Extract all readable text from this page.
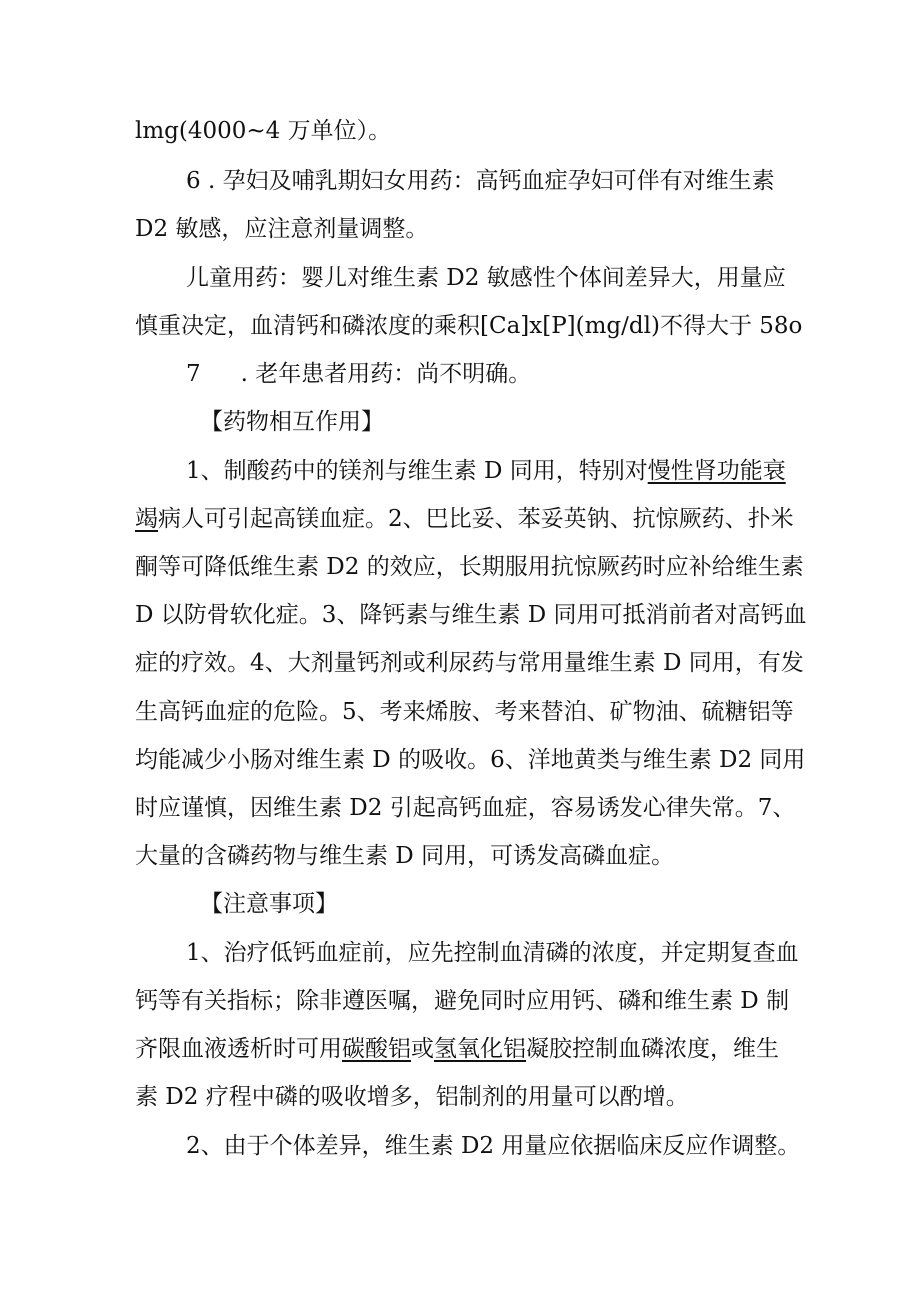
lmg(4000~4 万单位）。
6 . 孕妇及哺乳期妇女用药：高钙血症孕妇可伴有对维生素
D2 敏感，应注意剂量调整。
儿童用药：婴儿对维生素 D2 敏感性个体间差异大，用量应
慎重决定，血清钙和磷浓度的乘积[Ca]x[P](mg∕dl)不得大于 58o
7 . 老年患者用药：尚不明确。
【药物相互作用】
1、制酸药中的镁剂与维生素 D 同用，特别对慢性肾功能衰
竭病人可引起高镁血症。2、巴比妥、苯妥英钠、抗惊厥药、扑米
酮等可降低维生素 D2 的效应，长期服用抗惊厥药时应补给维生素
D 以防骨软化症。3、降钙素与维生素 D 同用可抵消前者对高钙血
症的疗效。4、大剂量钙剂或利尿药与常用量维生素 D 同用，有发
生高钙血症的危险。5、考来烯胺、考来替泊、矿物油、硫糖铝等
均能减少小肠对维生素 D 的吸收。6、洋地黄类与维生素 D2 同用
时应谨慎，因维生素 D2 引起高钙血症，容易诱发心律失常。7、
大量的含磷药物与维生素 D 同用，可诱发高磷血症。
【注意事项】
1、治疗低钙血症前，应先控制血清磷的浓度，并定期复查血
钙等有关指标；除非遵医嘱，避免同时应用钙、磷和维生素 D 制
齐限血液透析时可用碳酸铝或氢氧化铝凝胶控制血磷浓度，维生
素 D2 疗程中磷的吸收增多，铝制剂的用量可以酌增。
2、由于个体差异，维生素 D2 用量应依据临床反应作调整。
